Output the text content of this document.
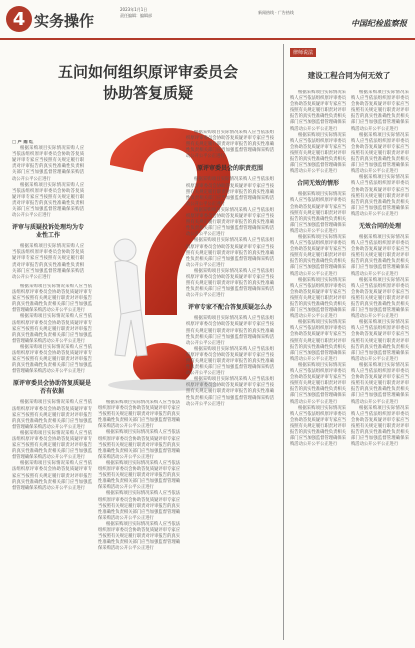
4 实务操作
2023年1月1日
责任编辑：编辑部
新闻热线 · 广告热线
中国纪检监察报
五问如何组织原评审委员会
协助答复质疑

□ 卢 雨 红

根据采购项目实际情况采购人应当依法组织原评审委员会协助答复质疑评审专家应当按照有关规定履行职责对评审报告的真实性准确性负责相关部门应当加强监督管理确保采购活动公开公平公正进行

根据采购项目实际情况采购人应当依法组织原评审委员会协助答复质疑评审专家应当按照有关规定履行职责对评审报告的真实性准确性负责相关部门应当加强监督管理确保采购活动公开公平公正进行

评审与质疑投诉处理均为专业性工作

根据采购项目实际情况采购人应当依法组织原评审委员会协助答复质疑评审专家应当按照有关规定履行职责对评审报告的真实性准确性负责相关部门应当加强监督管理确保采购活动公开公平公正进行

根据采购项目实际情况采购人应当依法组织原评审委员会协助答复质疑评审专家应当按照有关规定履行职责对评审报告的真实性准确性负责相关部门应当加强监督管理确保采购活动公开公平公正进行

根据采购项目实际情况采购人应当依法组织原评审委员会协助答复质疑评审专家应当按照有关规定履行职责对评审报告的真实性准确性负责相关部门应当加强监督管理确保采购活动公开公平公正进行

根据采购项目实际情况采购人应当依法组织原评审委员会协助答复质疑评审专家应当按照有关规定履行职责对评审报告的真实性准确性负责相关部门应当加强监督管理确保采购活动公开公平公正进行

原评审委员会协助答复质疑是否有依据

根据采购项目实际情况采购人应当依法组织原评审委员会协助答复质疑评审专家应当按照有关规定履行职责对评审报告的真实性准确性负责相关部门应当加强监督管理确保采购活动公开公平公正进行

根据采购项目实际情况采购人应当依法组织原评审委员会协助答复质疑评审专家应当按照有关规定履行职责对评审报告的真实性准确性负责相关部门应当加强监督管理确保采购活动公开公平公正进行

根据采购项目实际情况采购人应当依法组织原评审委员会协助答复质疑评审专家应当按照有关规定履行职责对评审报告的真实性准确性负责相关部门应当加强监督管理确保采购活动公开公平公正进行

根据采购项目实际情况采购人应当依法组织原评审委员会协助答复质疑评审专家应当按照有关规定履行职责对评审报告的真实性准确性负责相关部门应当加强监督管理确保采购活动公开公平公正进行

根据采购项目实际情况采购人应当依法组织原评审委员会协助答复质疑评审专家应当按照有关规定履行职责对评审报告的真实性准确性负责相关部门应当加强监督管理确保采购活动公开公平公正进行

根据采购项目实际情况采购人应当依法组织原评审委员会协助答复质疑评审专家应当按照有关规定履行职责对评审报告的真实性准确性负责相关部门应当加强监督管理确保采购活动公开公平公正进行

根据采购项目实际情况采购人应当依法组织原评审委员会协助答复质疑评审专家应当按照有关规定履行职责对评审报告的真实性准确性负责相关部门应当加强监督管理确保采购活动公开公平公正进行

根据采购项目实际情况采购人应当依法组织原评审委员会协助答复质疑评审专家应当按照有关规定履行职责对评审报告的真实性准确性负责相关部门应当加强监督管理确保采购活动公开公平公正进行

根据采购项目实际情况采购人应当依法组织原评审委员会协助答复质疑评审专家应当按照有关规定履行职责对评审报告的真实性准确性负责相关部门应当加强监督管理确保采购活动公开公平公正进行

原评审委员会的职责范围

根据采购项目实际情况采购人应当依法组织原评审委员会协助答复质疑评审专家应当按照有关规定履行职责对评审报告的真实性准确性负责相关部门应当加强监督管理确保采购活动公开公平公正进行

根据采购项目实际情况采购人应当依法组织原评审委员会协助答复质疑评审专家应当按照有关规定履行职责对评审报告的真实性准确性负责相关部门应当加强监督管理确保采购活动公开公平公正进行

根据采购项目实际情况采购人应当依法组织原评审委员会协助答复质疑评审专家应当按照有关规定履行职责对评审报告的真实性准确性负责相关部门应当加强监督管理确保采购活动公开公平公正进行

根据采购项目实际情况采购人应当依法组织原评审委员会协助答复质疑评审专家应当按照有关规定履行职责对评审报告的真实性准确性负责相关部门应当加强监督管理确保采购活动公开公平公正进行

评审专家不配合答复质疑怎么办

根据采购项目实际情况采购人应当依法组织原评审委员会协助答复质疑评审专家应当按照有关规定履行职责对评审报告的真实性准确性负责相关部门应当加强监督管理确保采购活动公开公平公正进行

根据采购项目实际情况采购人应当依法组织原评审委员会协助答复质疑评审专家应当按照有关规定履行职责对评审报告的真实性准确性负责相关部门应当加强监督管理确保采购活动公开公平公正进行

根据采购项目实际情况采购人应当依法组织原评审委员会协助答复质疑评审专家应当按照有关规定履行职责对评审报告的真实性准确性负责相关部门应当加强监督管理确保采购活动公开公平公正进行

律师说法
建设工程合同为何无效了

根据采购项目实际情况采购人应当依法组织原评审委员会协助答复质疑评审专家应当按照有关规定履行职责对评审报告的真实性准确性负责相关部门应当加强监督管理确保采购活动公开公平公正进行

根据采购项目实际情况采购人应当依法组织原评审委员会协助答复质疑评审专家应当按照有关规定履行职责对评审报告的真实性准确性负责相关部门应当加强监督管理确保采购活动公开公平公正进行

合同无效的情形

根据采购项目实际情况采购人应当依法组织原评审委员会协助答复质疑评审专家应当按照有关规定履行职责对评审报告的真实性准确性负责相关部门应当加强监督管理确保采购活动公开公平公正进行

根据采购项目实际情况采购人应当依法组织原评审委员会协助答复质疑评审专家应当按照有关规定履行职责对评审报告的真实性准确性负责相关部门应当加强监督管理确保采购活动公开公平公正进行

根据采购项目实际情况采购人应当依法组织原评审委员会协助答复质疑评审专家应当按照有关规定履行职责对评审报告的真实性准确性负责相关部门应当加强监督管理确保采购活动公开公平公正进行

根据采购项目实际情况采购人应当依法组织原评审委员会协助答复质疑评审专家应当按照有关规定履行职责对评审报告的真实性准确性负责相关部门应当加强监督管理确保采购活动公开公平公正进行

根据采购项目实际情况采购人应当依法组织原评审委员会协助答复质疑评审专家应当按照有关规定履行职责对评审报告的真实性准确性负责相关部门应当加强监督管理确保采购活动公开公平公正进行

根据采购项目实际情况采购人应当依法组织原评审委员会协助答复质疑评审专家应当按照有关规定履行职责对评审报告的真实性准确性负责相关部门应当加强监督管理确保采购活动公开公平公正进行

根据采购项目实际情况采购人应当依法组织原评审委员会协助答复质疑评审专家应当按照有关规定履行职责对评审报告的真实性准确性负责相关部门应当加强监督管理确保采购活动公开公平公正进行

根据采购项目实际情况采购人应当依法组织原评审委员会协助答复质疑评审专家应当按照有关规定履行职责对评审报告的真实性准确性负责相关部门应当加强监督管理确保采购活动公开公平公正进行

根据采购项目实际情况采购人应当依法组织原评审委员会协助答复质疑评审专家应当按照有关规定履行职责对评审报告的真实性准确性负责相关部门应当加强监督管理确保采购活动公开公平公正进行

无效合同的处理

根据采购项目实际情况采购人应当依法组织原评审委员会协助答复质疑评审专家应当按照有关规定履行职责对评审报告的真实性准确性负责相关部门应当加强监督管理确保采购活动公开公平公正进行

根据采购项目实际情况采购人应当依法组织原评审委员会协助答复质疑评审专家应当按照有关规定履行职责对评审报告的真实性准确性负责相关部门应当加强监督管理确保采购活动公开公平公正进行

根据采购项目实际情况采购人应当依法组织原评审委员会协助答复质疑评审专家应当按照有关规定履行职责对评审报告的真实性准确性负责相关部门应当加强监督管理确保采购活动公开公平公正进行

根据采购项目实际情况采购人应当依法组织原评审委员会协助答复质疑评审专家应当按照有关规定履行职责对评审报告的真实性准确性负责相关部门应当加强监督管理确保采购活动公开公平公正进行

根据采购项目实际情况采购人应当依法组织原评审委员会协助答复质疑评审专家应当按照有关规定履行职责对评审报告的真实性准确性负责相关部门应当加强监督管理确保采购活动公开公平公正进行
